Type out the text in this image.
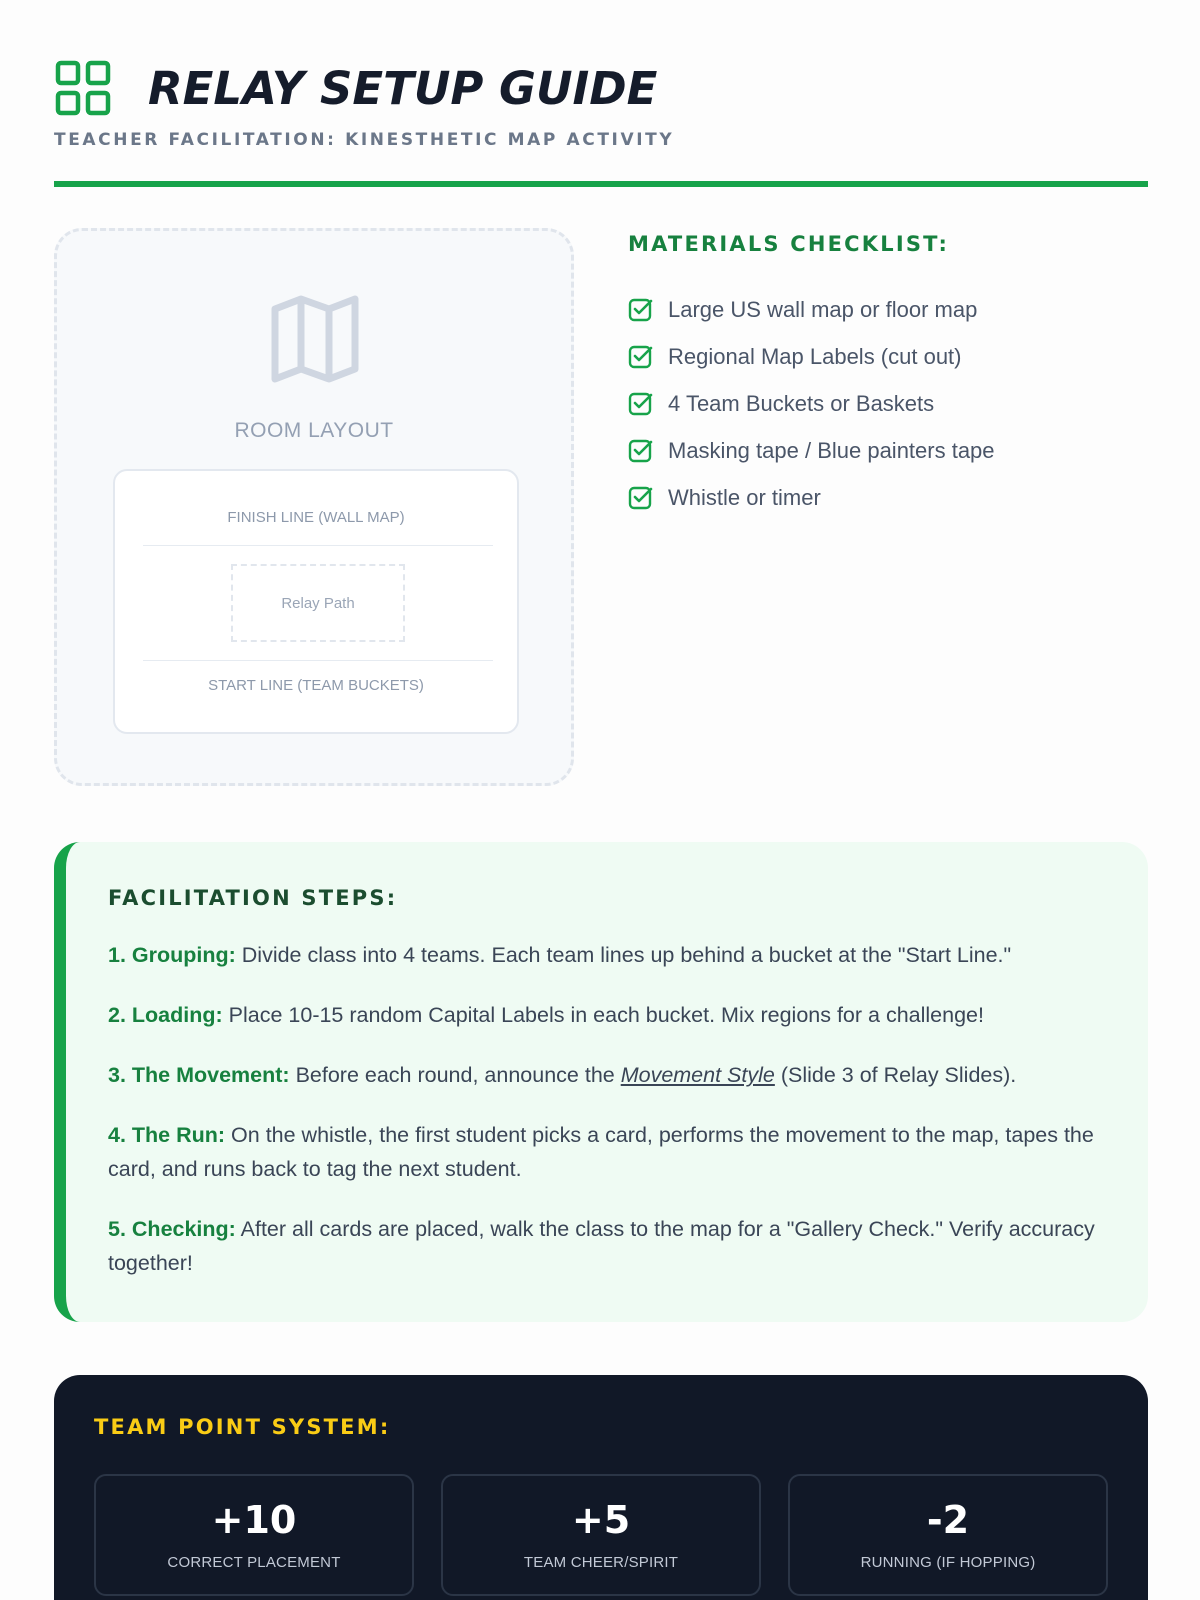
RELAY SETUP GUIDE
TEACHER FACILITATION: KINESTHETIC MAP ACTIVITY
ROOM LAYOUT
FINISH LINE (WALL MAP)
Relay Path
START LINE (TEAM BUCKETS)
MATERIALS CHECKLIST:
Large US wall map or floor map
Regional Map Labels (cut out)
4 Team Buckets or Baskets
Masking tape / Blue painters tape
Whistle or timer
FACILITATION STEPS:

1. Grouping: Divide class into 4 teams. Each team lines up behind a bucket at the "Start Line."

2. Loading: Place 10-15 random Capital Labels in each bucket. Mix regions for a challenge!

3. The Movement: Before each round, announce the Movement Style (Slide 3 of Relay Slides).

4. The Run: On the whistle, the first student picks a card, performs the movement to the map, tapes the card, and runs back to tag the next student.

5. Checking: After all cards are placed, walk the class to the map for a "Gallery Check." Verify accuracy together!

TEAM POINT SYSTEM:
+10
CORRECT PLACEMENT
+5
TEAM CHEER/SPIRIT
-2
RUNNING (IF HOPPING)
